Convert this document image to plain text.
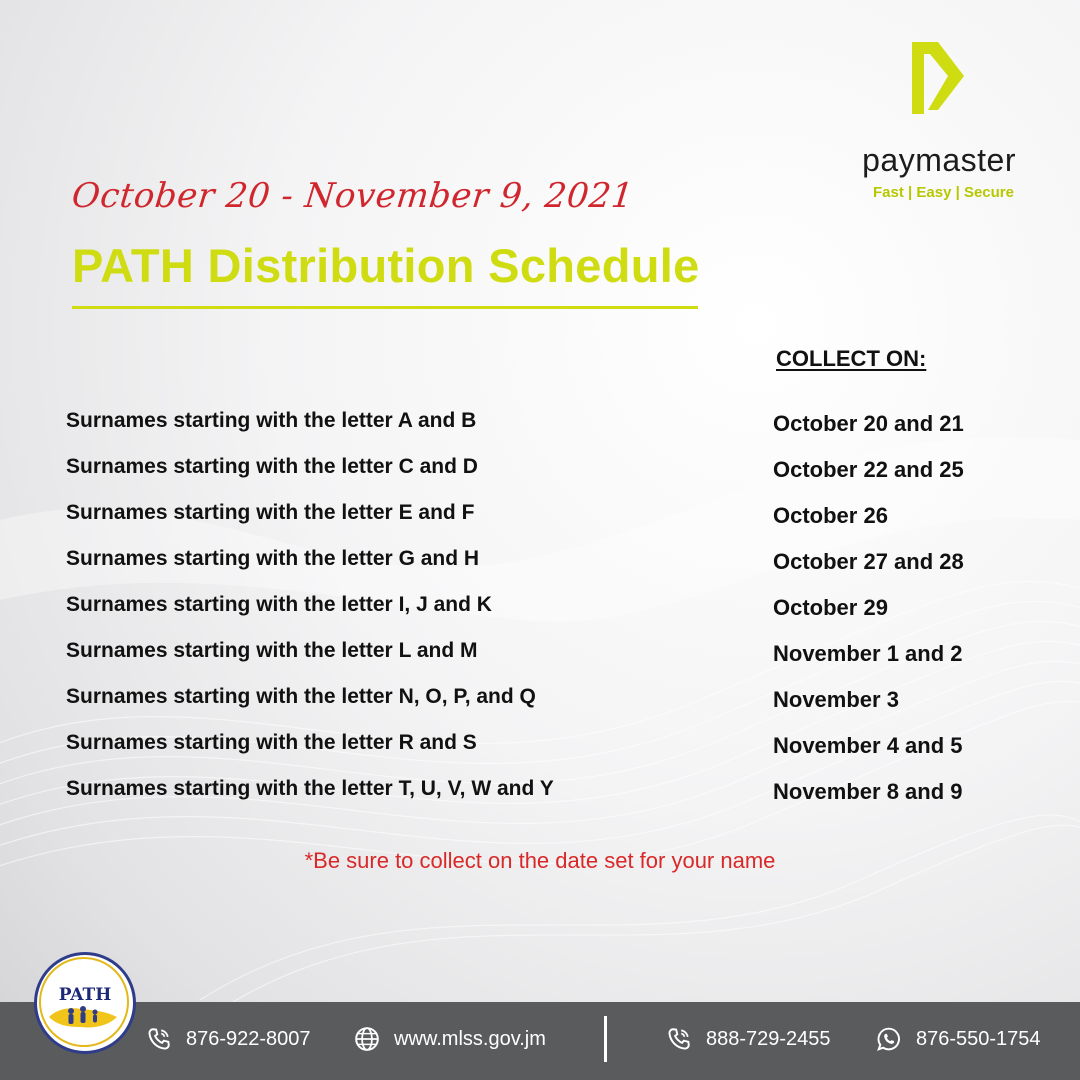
paymaster
Fast | Easy | Secure
October 20 - November 9, 2021
PATH Distribution Schedule
COLLECT ON:
Surnames starting with the letter A and B	October 20 and 21
Surnames starting with the letter C and D	October 22 and 25
Surnames starting with the letter E and F	October 26
Surnames starting with the letter G and H	October 27 and 28
Surnames starting with the letter I, J and K	October 29
Surnames starting with the letter L and M	November 1 and 2
Surnames starting with the letter N, O, P, and Q	November 3
Surnames starting with the letter R and S	November 4 and 5
Surnames starting with the letter T, U, V, W and Y	November 8 and 9
*Be sure to collect on the date set for your name
876-922-8007	www.mlss.gov.jm	888-729-2455	876-550-1754
PATH
